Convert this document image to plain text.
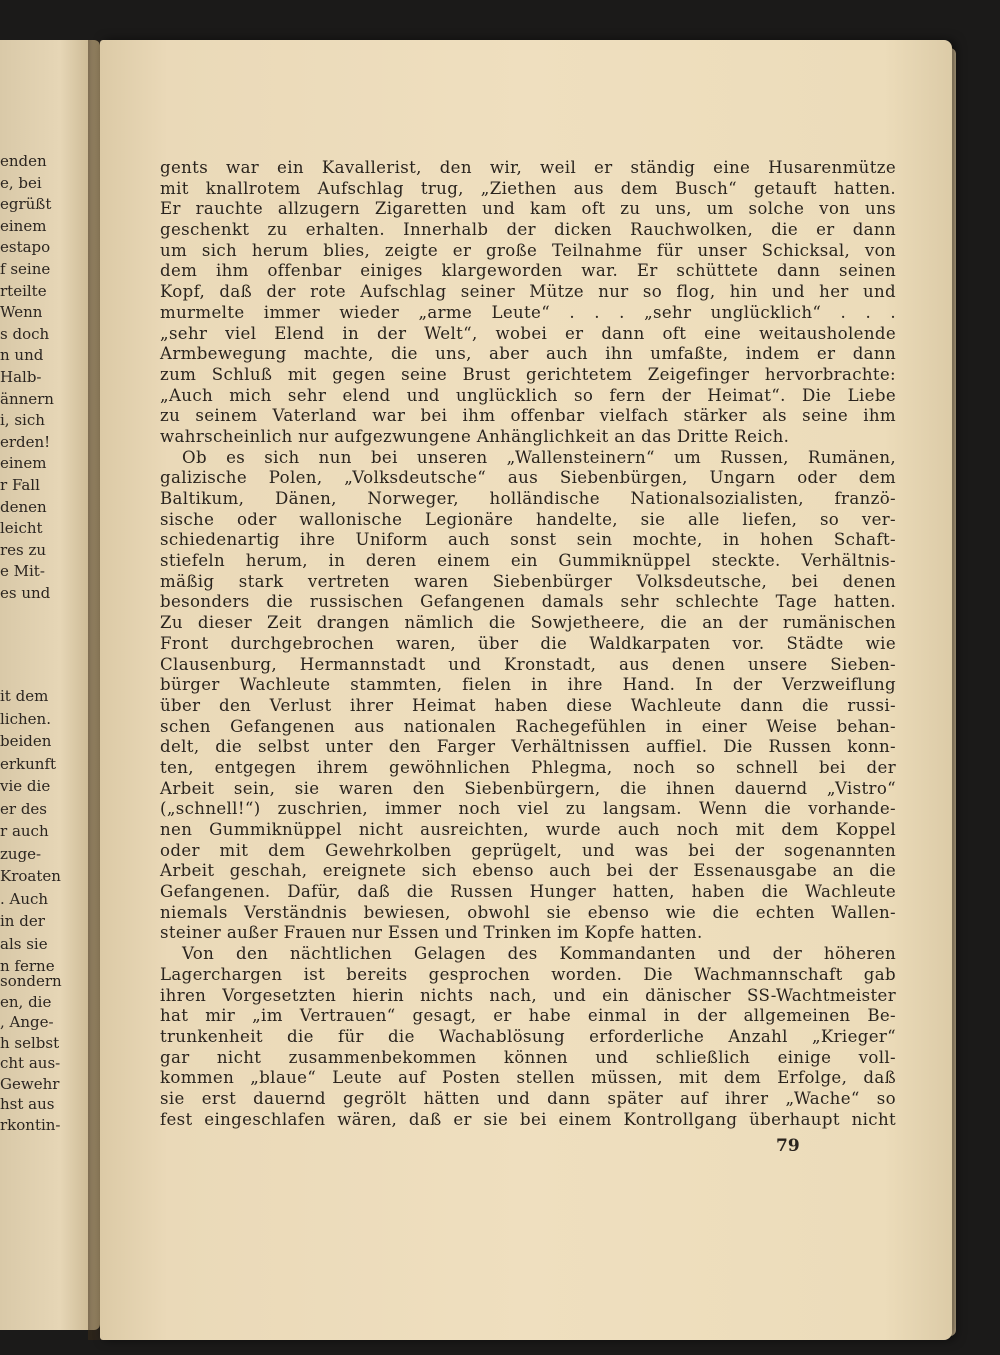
enden
e, bei
egrüßt
einem
estapo
f seine
rteilte
Wenn
s doch
n und
Halb-
ännern
i, sich
erden!
einem
r Fall
denen
leicht
res zu
e Mit-
es und
it dem
lichen.
beiden
erkunft
vie die
er des
r auch
zuge-
Kroaten
. Auch
in der
als sie
n ferne
sondern
en, die
, Ange-
h selbst
cht aus-
Gewehr
hst aus
rkontin-
gents war ein Kavallerist, den wir, weil er ständig eine Husarenmütze
mit knallrotem Aufschlag trug, „Ziethen aus dem Busch“ getauft hatten.
Er rauchte allzugern Zigaretten und kam oft zu uns, um solche von uns
geschenkt zu erhalten. Innerhalb der dicken Rauchwolken, die er dann
um sich herum blies, zeigte er große Teilnahme für unser Schicksal, von
dem ihm offenbar einiges klargeworden war. Er schüttete dann seinen
Kopf, daß der rote Aufschlag seiner Mütze nur so flog, hin und her und
murmelte immer wieder „arme Leute“ . . . „sehr unglücklich“ . . .
„sehr viel Elend in der Welt“, wobei er dann oft eine weitausholende
Armbewegung machte, die uns, aber auch ihn umfaßte, indem er dann
zum Schluß mit gegen seine Brust gerichtetem Zeigefinger hervorbrachte:
„Auch mich sehr elend und unglücklich so fern der Heimat“. Die Liebe
zu seinem Vaterland war bei ihm offenbar vielfach stärker als seine ihm
wahrscheinlich nur aufgezwungene Anhänglichkeit an das Dritte Reich.
Ob es sich nun bei unseren „Wallensteinern“ um Russen, Rumänen,
galizische Polen, „Volksdeutsche“ aus Siebenbürgen, Ungarn oder dem
Baltikum, Dänen, Norweger, holländische Nationalsozialisten, franzö-
sische oder wallonische Legionäre handelte, sie alle liefen, so ver-
schiedenartig ihre Uniform auch sonst sein mochte, in hohen Schaft-
stiefeln herum, in deren einem ein Gummiknüppel steckte. Verhältnis-
mäßig stark vertreten waren Siebenbürger Volksdeutsche, bei denen
besonders die russischen Gefangenen damals sehr schlechte Tage hatten.
Zu dieser Zeit drangen nämlich die Sowjetheere, die an der rumänischen
Front durchgebrochen waren, über die Waldkarpaten vor. Städte wie
Clausenburg, Hermannstadt und Kronstadt, aus denen unsere Sieben-
bürger Wachleute stammten, fielen in ihre Hand. In der Verzweiflung
über den Verlust ihrer Heimat haben diese Wachleute dann die russi-
schen Gefangenen aus nationalen Rachegefühlen in einer Weise behan-
delt, die selbst unter den Farger Verhältnissen auffiel. Die Russen konn-
ten, entgegen ihrem gewöhnlichen Phlegma, noch so schnell bei der
Arbeit sein, sie waren den Siebenbürgern, die ihnen dauernd „Vistro“
(„schnell!“) zuschrien, immer noch viel zu langsam. Wenn die vorhande-
nen Gummiknüppel nicht ausreichten, wurde auch noch mit dem Koppel
oder mit dem Gewehrkolben geprügelt, und was bei der sogenannten
Arbeit geschah, ereignete sich ebenso auch bei der Essenausgabe an die
Gefangenen. Dafür, daß die Russen Hunger hatten, haben die Wachleute
niemals Verständnis bewiesen, obwohl sie ebenso wie die echten Wallen-
steiner außer Frauen nur Essen und Trinken im Kopfe hatten.
Von den nächtlichen Gelagen des Kommandanten und der höheren
Lagerchargen ist bereits gesprochen worden. Die Wachmannschaft gab
ihren Vorgesetzten hierin nichts nach, und ein dänischer SS-Wachtmeister
hat mir „im Vertrauen“ gesagt, er habe einmal in der allgemeinen Be-
trunkenheit die für die Wachablösung erforderliche Anzahl „Krieger“
gar nicht zusammenbekommen können und schließlich einige voll-
kommen „blaue“ Leute auf Posten stellen müssen, mit dem Erfolge, daß
sie erst dauernd gegrölt hätten und dann später auf ihrer „Wache“ so
fest eingeschlafen wären, daß er sie bei einem Kontrollgang überhaupt nicht
79
